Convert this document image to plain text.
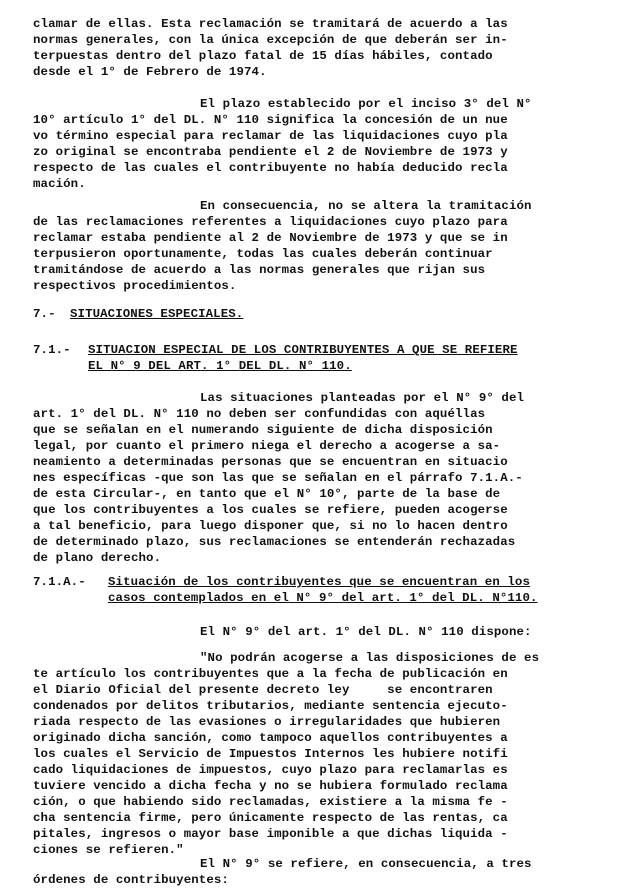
clamar de ellas. Esta reclamación se tramitará de acuerdo a las
normas generales, con la única excepción de que deberán ser in-
terpuestas dentro del plazo fatal de 15 días hábiles, contado
desde el 1° de Febrero de 1974.
El plazo establecido por el inciso 3° del N°
10° artículo 1° del DL. N° 110 significa la concesión de un nue
vo término especial para reclamar de las liquidaciones cuyo pla
zo original se encontraba pendiente el 2 de Noviembre de 1973 y
respecto de las cuales el contribuyente no había deducido recla
mación.
En consecuencia, no se altera la tramitación
de las reclamaciones referentes a liquidaciones cuyo plazo para
reclamar estaba pendiente al 2 de Noviembre de 1973 y que se in
terpusieron oportunamente, todas las cuales deberán continuar
tramitándose de acuerdo a las normas generales que rijan sus
respectivos procedimientos.
7.- SITUACIONES ESPECIALES.
7.1.- SITUACION ESPECIAL DE LOS CONTRIBUYENTES A QUE SE REFIERE
EL N° 9 DEL ART. 1° DEL DL. N° 110.
Las situaciones planteadas por el N° 9° del
art. 1° del DL. N° 110 no deben ser confundidas con aquéllas
que se señalan en el numerando siguiente de dicha disposición
legal, por cuanto el primero niega el derecho a acogerse a sa-
neamiento a determinadas personas que se encuentran en situacio
nes específicas -que son las que se señalan en el párrafo 7.1.A.-
de esta Circular-, en tanto que el N° 10°, parte de la base de
que los contribuyentes a los cuales se refiere, pueden acogerse
a tal beneficio, para luego disponer que, si no lo hacen dentro
de determinado plazo, sus reclamaciones se entenderán rechazadas
de plano derecho.
7.1.A.- Situación de los contribuyentes que se encuentran en los
casos contemplados en el N° 9° del art. 1° del DL. N°110.
El N° 9° del art. 1° del DL. N° 110 dispone:
"No podrán acogerse a las disposiciones de es
te artículo los contribuyentes que a la fecha de publicación en
el Diario Oficial del presente decreto ley     se encontraren
condenados por delitos tributarios, mediante sentencia ejecuto-
riada respecto de las evasiones o irregularidades que hubieren
originado dicha sanción, como tampoco aquellos contribuyentes a
los cuales el Servicio de Impuestos Internos les hubiere notifi
cado liquidaciones de impuestos, cuyo plazo para reclamarlas es
tuviere vencido a dicha fecha y no se hubiera formulado reclama
ción, o que habiendo sido reclamadas, existiere a la misma fe -
cha sentencia firme, pero únicamente respecto de las rentas, ca
pitales, ingresos o mayor base imponible a que dichas liquida -
ciones se refieren."
El N° 9° se refiere, en consecuencia, a tres
órdenes de contribuyentes:
